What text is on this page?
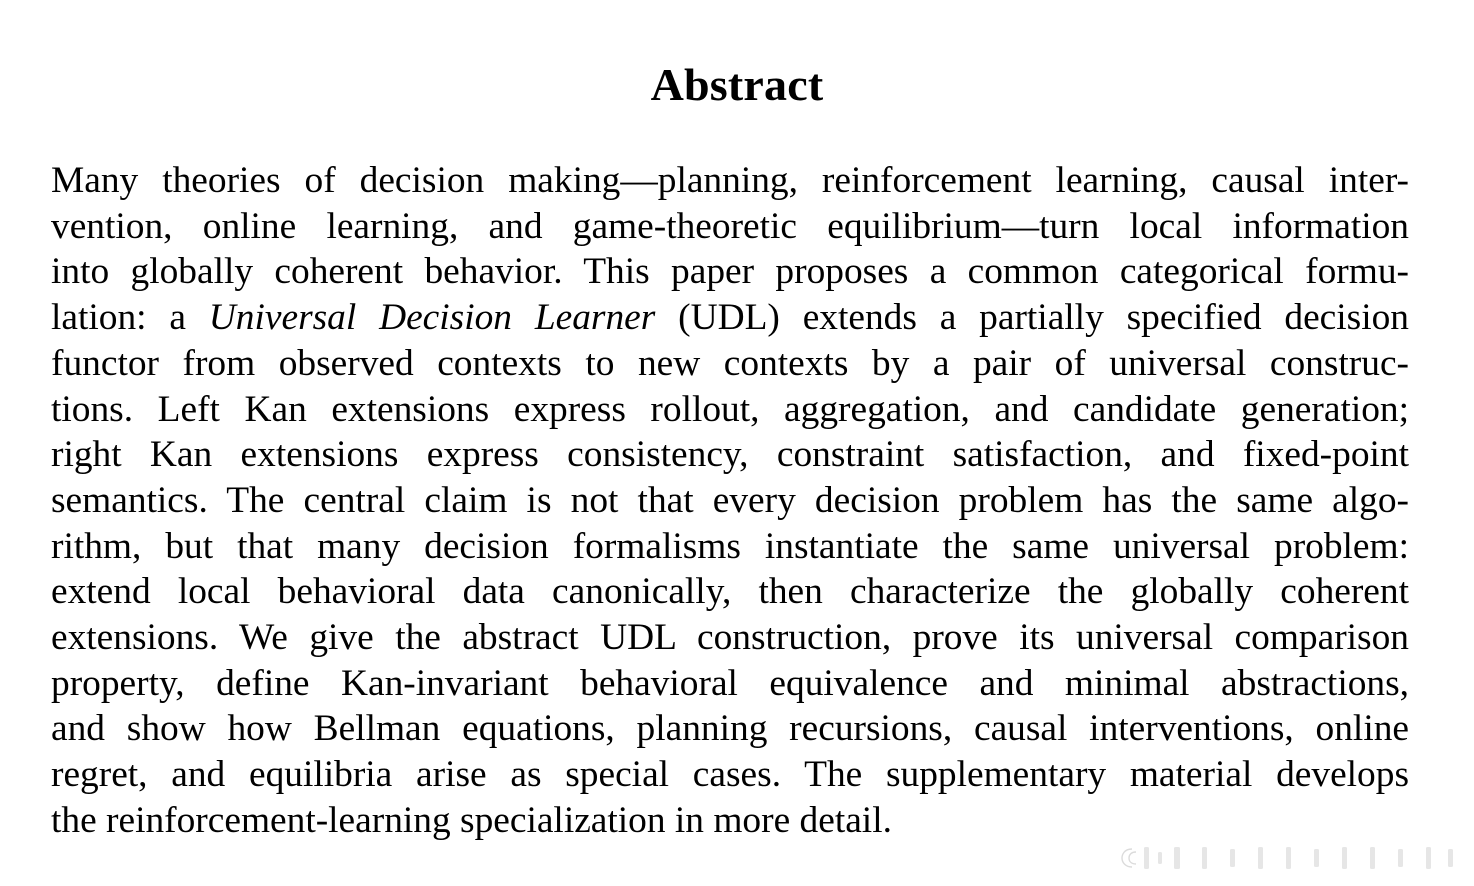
Abstract

Many theories of decision making—planning, reinforcement learning, causal inter-
vention, online learning, and game-theoretic equilibrium—turn local information
into globally coherent behavior. This paper proposes a common categorical formu-
lation: a Universal Decision Learner (UDL) extends a partially specified decision
functor from observed contexts to new contexts by a pair of universal construc-
tions. Left Kan extensions express rollout, aggregation, and candidate generation;
right Kan extensions express consistency, constraint satisfaction, and fixed-point
semantics. The central claim is not that every decision problem has the same algo-
rithm, but that many decision formalisms instantiate the same universal problem:
extend local behavioral data canonically, then characterize the globally coherent
extensions. We give the abstract UDL construction, prove its universal comparison
property, define Kan-invariant behavioral equivalence and minimal abstractions,
and show how Bellman equations, planning recursions, causal interventions, online
regret, and equilibria arise as special cases. The supplementary material develops
the reinforcement-learning specialization in more detail.
